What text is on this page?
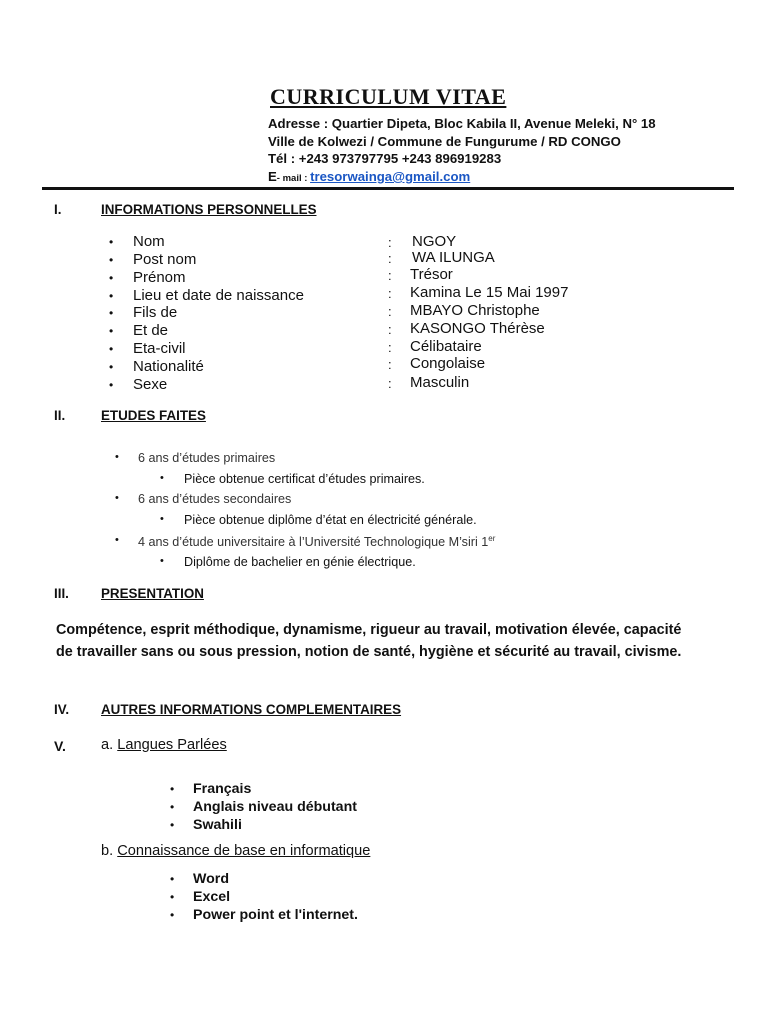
CURRICULUM VITAE
Adresse : Quartier Dipeta, Bloc Kabila II, Avenue Meleki, N° 18
Ville de Kolwezi / Commune de Fungurume / RD CONGO
Tél : +243 973797795 +243 896919283
E- mail : tresorwainga@gmail.com
I.	INFORMATIONS PERSONNELLES
• Nom	: NGOY
• Post nom	: WA ILUNGA
• Prénom	: Trésor
• Lieu et date de naissance	: Kamina Le 15 Mai 1997
• Fils de	: MBAYO Christophe
• Et de	: KASONGO Thérèse
• Eta-civil	: Célibataire
• Nationalité	: Congolaise
• Sexe	: Masculin
II.	ETUDES FAITES
• 6 ans d’études primaires
• Pièce obtenue certificat d’études primaires.
• 6 ans d’études secondaires
• Pièce obtenue diplôme d’état en électricité générale.
• 4 ans d’étude universitaire à l’Université Technologique M’siri 1er
• Diplôme de bachelier en génie électrique.
III. PRESENTATION
Compétence, esprit méthodique, dynamisme, rigueur au travail, motivation élevée, capacité de travailler sans ou sous pression, notion de santé, hygiène et sécurité au travail, civisme.
IV. AUTRES INFORMATIONS COMPLEMENTAIRES
V. a. Langues Parlées
• Français
• Anglais niveau débutant
• Swahili
b. Connaissance de base en informatique
• Word
• Excel
• Power point et l'internet.
